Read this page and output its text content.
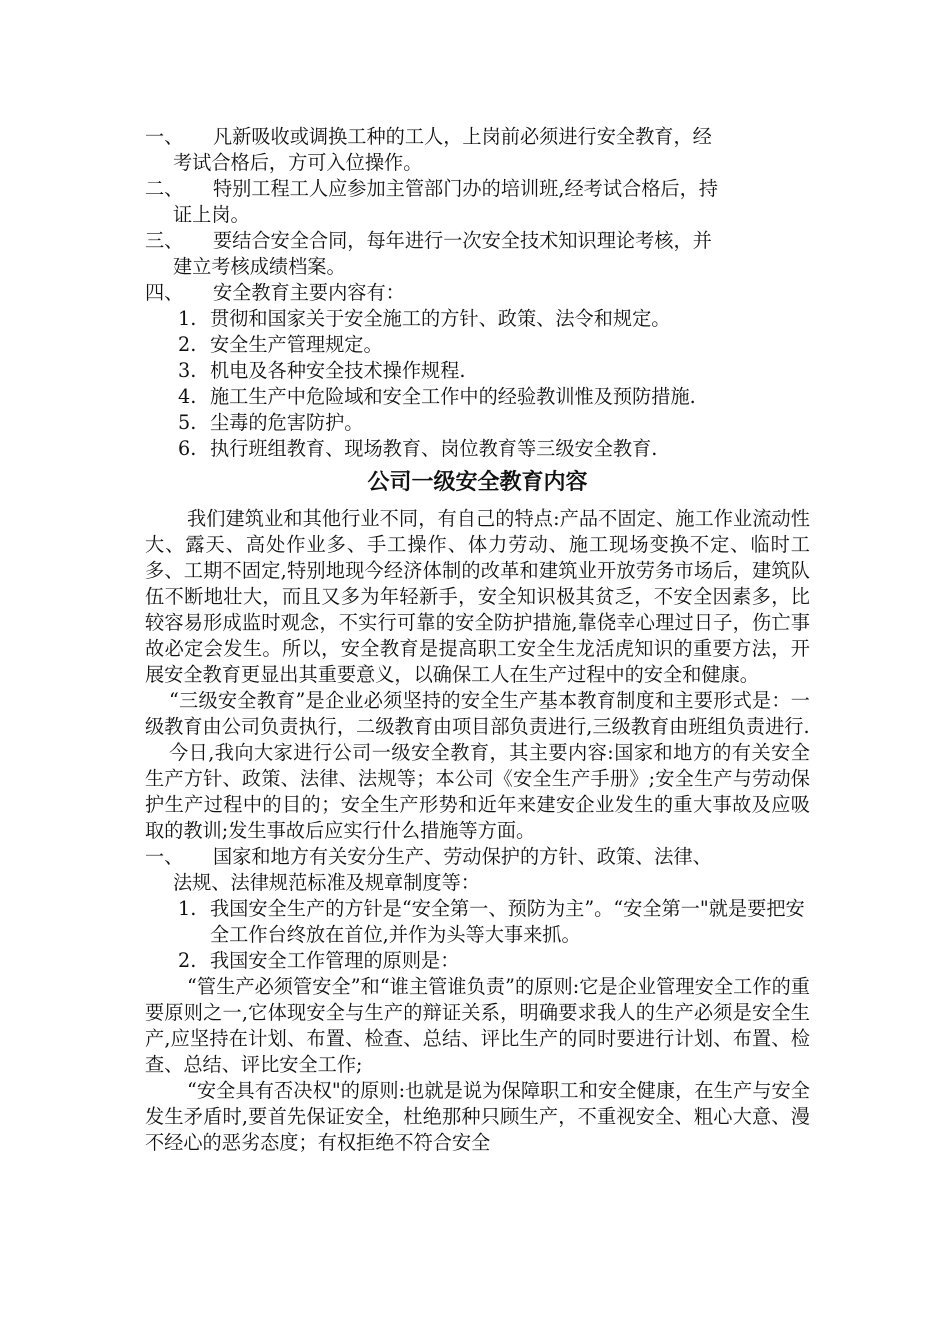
一、	凡新吸收或调换工种的工人，上岗前必须进行安全教育，经
考试合格后，方可入位操作。
二、	特别工程工人应参加主管部门办的培训班,经考试合格后，持
证上岗。
三、	要结合安全合同，每年进行一次安全技术知识理论考核，并
建立考核成绩档案。
四、	安全教育主要内容有：
1. 贯彻和国家关于安全施工的方针、政策、法令和规定。
2. 安全生产管理规定。
3. 机电及各种安全技术操作规程.
4. 施工生产中危险域和安全工作中的经验教训惟及预防措施.
5. 尘毒的危害防护。
6. 执行班组教育、现场教育、岗位教育等三级安全教育.
公司一级安全教育内容

我们建筑业和其他行业不同，有自己的特点:产品不固定、施工作业流动性大、露天、高处作业多、手工操作、体力劳动、施工现场变换不定、临时工多、工期不固定,特别地现今经济体制的改革和建筑业开放劳务市场后，建筑队伍不断地壮大，而且又多为年轻新手，安全知识极其贫乏，不安全因素多，比较容易形成监时观念，不实行可靠的安全防护措施,靠侥幸心理过日子，伤亡事故必定会发生。所以，安全教育是提高职工安全生龙活虎知识的重要方法，开展安全教育更显出其重要意义，以确保工人在生产过程中的安全和健康。

“三级安全教育”是企业必须坚持的安全生产基本教育制度和主要形式是：一级教育由公司负责执行，二级教育由项目部负责进行,三级教育由班组负责进行.

今日,我向大家进行公司一级安全教育，其主要内容:国家和地方的有关安全生产方针、政策、法律、法规等；本公司《安全生产手册》;安全生产与劳动保护生产过程中的目的；安全生产形势和近年来建安企业发生的重大事故及应吸取的教训;发生事故后应实行什么措施等方面。

一、	国家和地方有关安分生产、劳动保护的方针、政策、法律、
法规、法律规范标准及规章制度等：
1. 我国安全生产的方针是“安全第一、预防为主”。“安全第一"就是要把安全工作台终放在首位,并作为头等大事来抓。
2. 我国安全工作管理的原则是：

“管生产必须管安全”和“谁主管谁负责”的原则:它是企业管理安全工作的重要原则之一,它体现安全与生产的辩证关系，明确要求我人的生产必须是安全生产,应坚持在计划、布置、检查、总结、评比生产的同时要进行计划、布置、检查、总结、评比安全工作;

“安全具有否决权"的原则:也就是说为保障职工和安全健康，在生产与安全发生矛盾时,要首先保证安全，杜绝那种只顾生产，不重视安全、粗心大意、漫不经心的恶劣态度；有权拒绝不符合安全
